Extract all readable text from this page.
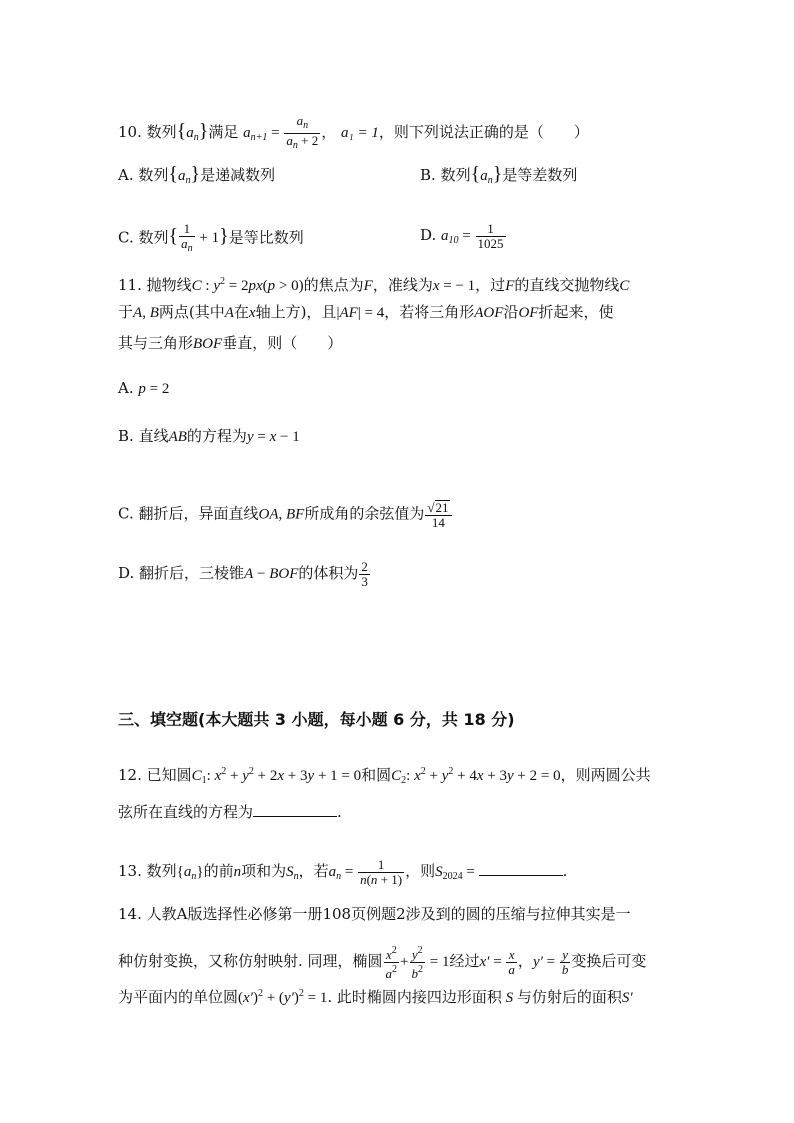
10. 数列$\{a_n\}$满足 $a_{n+1} = \frac{a_n}{a_n + 2}$ ， a₁ = 1，则下列说法正确的是（　　）
A. 数列$\{a_n\}$是递减数列	B. 数列$\{a_n\}$是等差数列
C. 数列{ $\frac{1}{a_n} + 1$}是等比数列	D. $a_{10} = \frac{1}{1025}$
11. 抛物线C : $y^2 = 2px(p > 0)$的焦点为F，准线为x = − 1，过F的直线交抛物线C
于A, B两点(其中A在x轴上方)，且|AF| = 4，若将三角形AOF沿OF折起来，使
其与三角形BOF垂直，则（　　）
A. p = 2
B. 直线AB的方程为y = x − 1
C. 翻折后，异面直线OA, BF所成角的余弦值为 $\frac{√21}{14}$
D. 翻折后，三棱锥A − BOF的体积为 $\frac{2}{3}$
三、填空题(本大题共 3 小题，每小题 6 分，共 18 分)
12. 已知圆$C_1$: $x^2 + y^2 + 2x + 3y + 1 = 0$和圆$C_2$: $x^2 + y^2 + 4x + 3y + 2 = 0$，则两圆公共
弦所在直线的方程为	.
13. 数列$\{a_n\}$的前n项和为$S_n$，若$a_n = \frac{1}{n(n + 1)}$ ，则$S_{2024}$ =	.
14. 人教A版选择性必修第一册108页例题2涉及到的圆的压缩与拉伸其实是一
种仿射变换，又称仿射映射. 同理，椭圆 $\frac{x^2}{a^2} + \frac{y^2}{b^2} = 1$经过$x' = \frac{x}{a}$ ，$y' = \frac{y}{b}$ 变换后可变
为平面内的单位圆$(x')^2 + (y')^2 = 1$. 此时椭圆内接四边形面积 S 与仿射后的面积S′
